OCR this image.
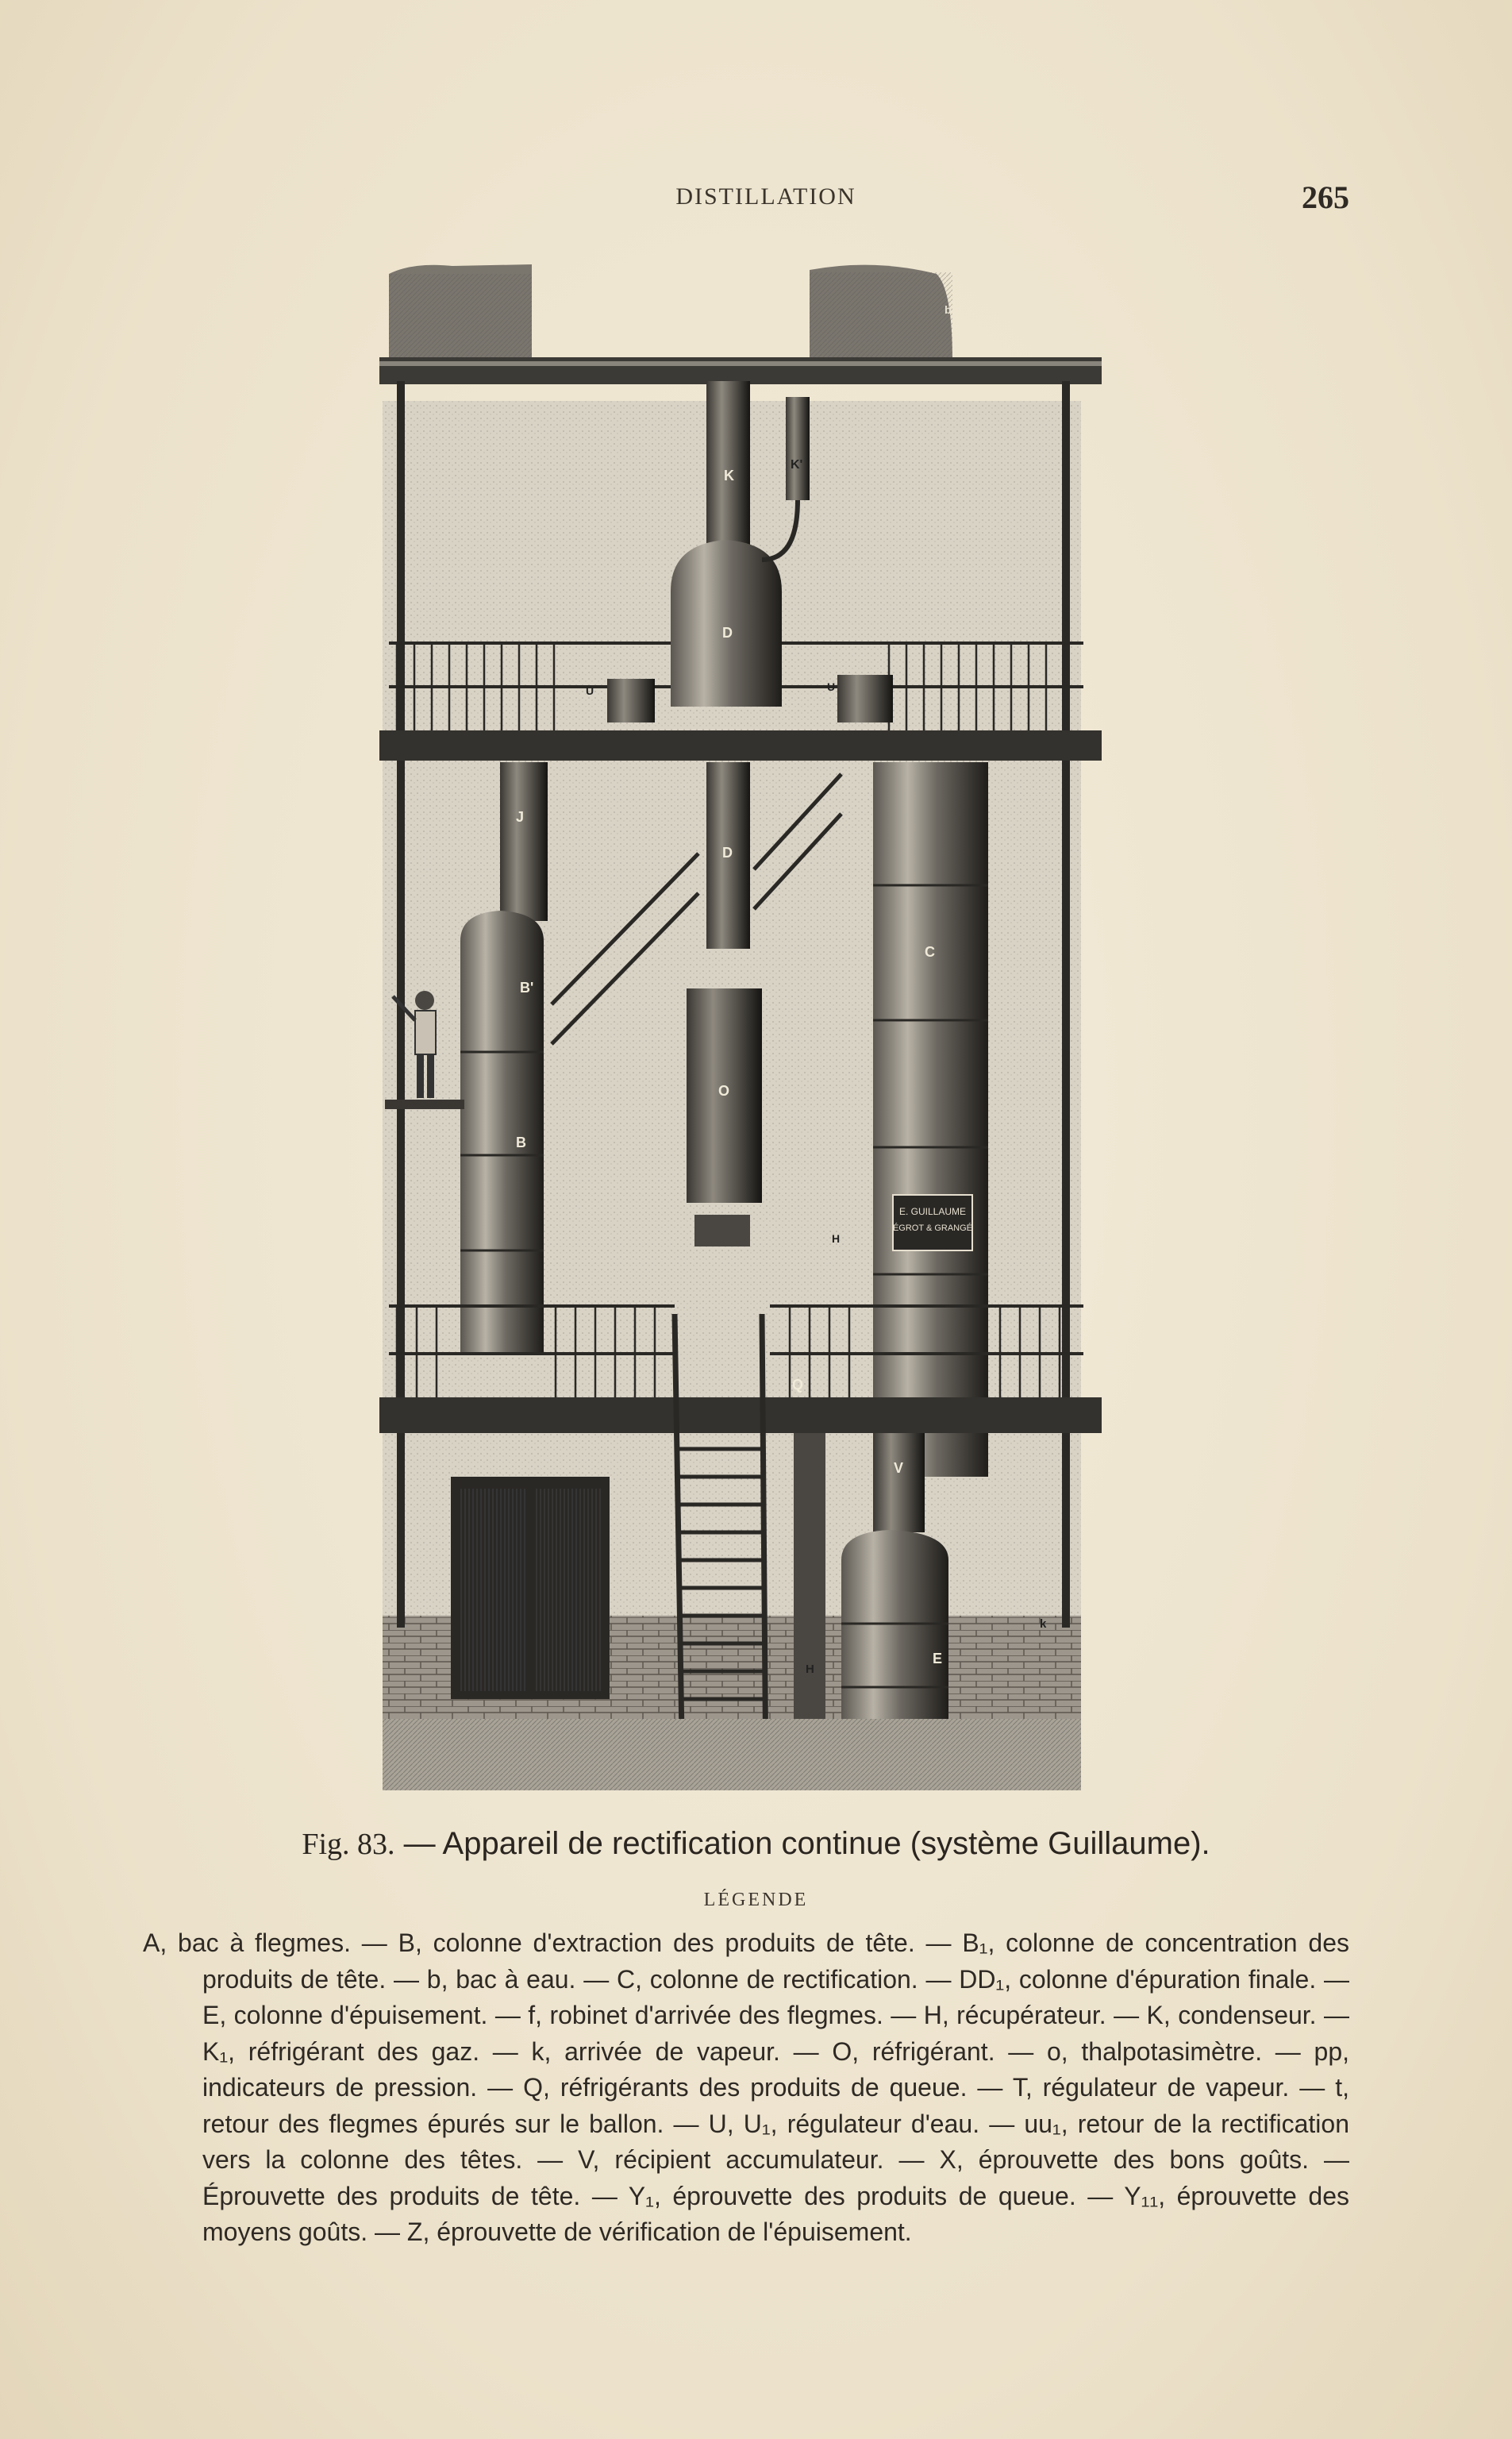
DISTILLATION	265
E. GUILLAUME
ÉGROT & GRANGÉ
K
K'
D
U	U
J
D
C
B'
O
B
H
Q
V
E
H
k
b
Fig. 83. — Appareil de rectification continue (système Guillaume).
LÉGENDE

A, bac à flegmes. — B, colonne d'extraction des produits de tête. — B₁, colonne de concentration des produits de tête. — b, bac à eau. — C, colonne de rectification. — DD₁, colonne d'épuration finale. — E, colonne d'épuisement. — f, robinet d'arrivée des flegmes. — H, récupérateur. — K, condenseur. — K₁, réfrigérant des gaz. — k, arrivée de vapeur. — O, réfrigérant. — o, thalpotasimètre. — pp, indicateurs de pression. — Q, réfrigérants des produits de queue. — T, régulateur de vapeur. — t, retour des flegmes épurés sur le ballon. — U, U₁, régulateur d'eau. — uu₁, retour de la rectification vers la colonne des têtes. — V, récipient accumulateur. — X, éprouvette des bons goûts. — Éprouvette des produits de tête. — Y₁, éprouvette des produits de queue. — Y₁₁, éprouvette des moyens goûts. — Z, éprouvette de vérification de l'épuisement.
